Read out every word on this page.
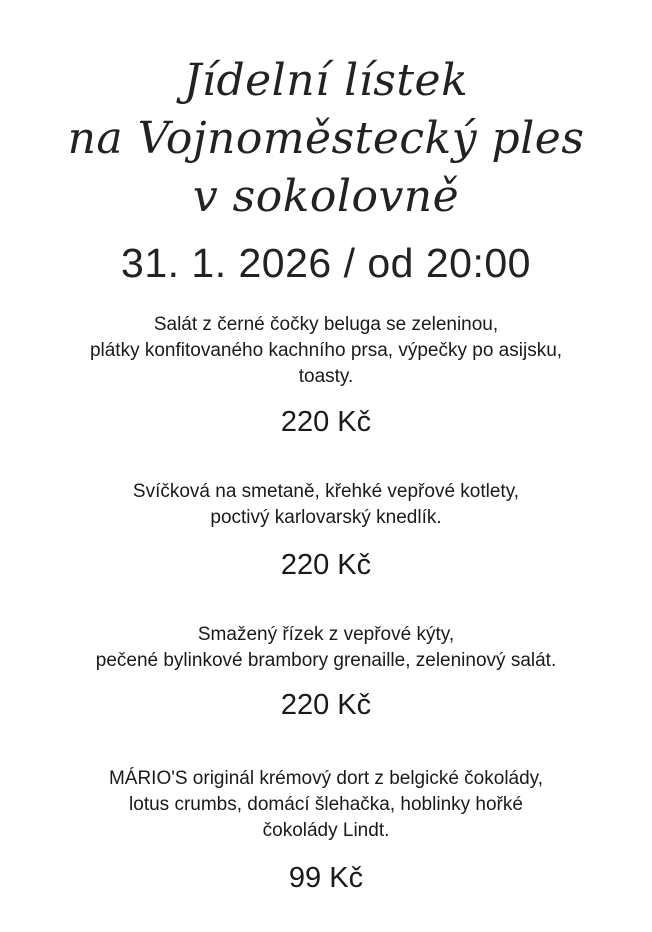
Jídelní lístek
na Vojnoměstecký ples
v sokolovně
31. 1. 2026 / od 20:00
Salát z černé čočky beluga se zeleninou,
plátky konfitovaného kachního prsa, výpečky po asijsku,
toasty.
220 Kč
Svíčková na smetaně, křehké vepřové kotlety,
poctivý karlovarský knedlík.
220 Kč
Smažený řízek z vepřové kýty,
pečené bylinkové brambory grenaille, zeleninový salát.
220 Kč
MÁRIO'S originál krémový dort z belgické čokolády,
lotus crumbs, domácí šlehačka, hoblinky hořké
čokolády Lindt.
99 Kč
